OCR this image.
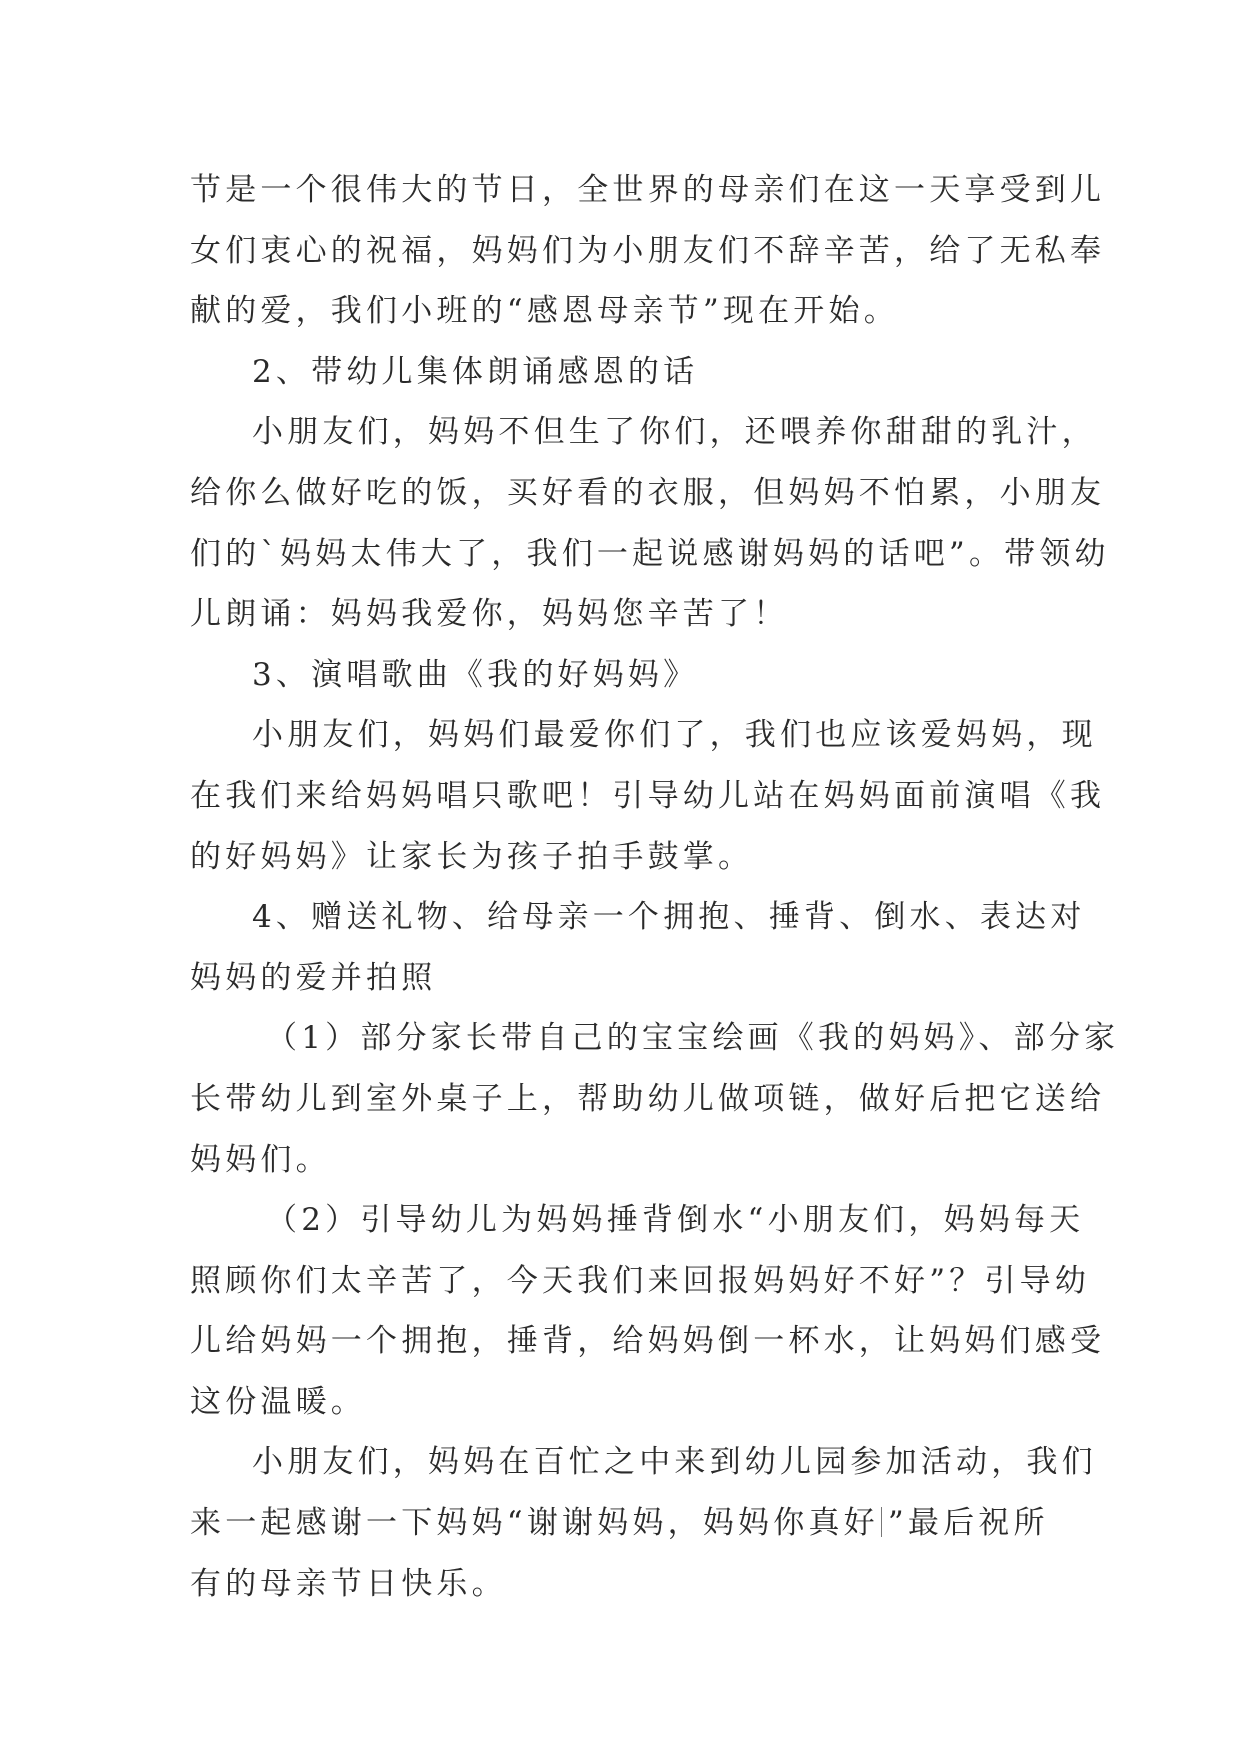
节是一个很伟大的节日，全世界的母亲们在这一天享受到儿
女们衷心的祝福，妈妈们为小朋友们不辞辛苦，给了无私奉
献的爱，我们小班的“感恩母亲节”现在开始。
2、带幼儿集体朗诵感恩的话
小朋友们，妈妈不但生了你们，还喂养你甜甜的乳汁，
给你么做好吃的饭，买好看的衣服，但妈妈不怕累，小朋友
们的`妈妈太伟大了，我们一起说感谢妈妈的话吧”。带领幼
儿朗诵：妈妈我爱你，妈妈您辛苦了！
3、演唱歌曲《我的好妈妈》
小朋友们，妈妈们最爱你们了，我们也应该爱妈妈，现
在我们来给妈妈唱只歌吧！引导幼儿站在妈妈面前演唱《我
的好妈妈》让家长为孩子拍手鼓掌。
4、赠送礼物、给母亲一个拥抱、捶背、倒水、表达对
妈妈的爱并拍照
（1）部分家长带自己的宝宝绘画《我的妈妈》、部分家
长带幼儿到室外桌子上，帮助幼儿做项链，做好后把它送给
妈妈们。
（2）引导幼儿为妈妈捶背倒水“小朋友们，妈妈每天
照顾你们太辛苦了，今天我们来回报妈妈好不好”？引导幼
儿给妈妈一个拥抱，捶背，给妈妈倒一杯水，让妈妈们感受
这份温暖。
小朋友们，妈妈在百忙之中来到幼儿园参加活动，我们
来一起感谢一下妈妈“谢谢妈妈，妈妈你真好 ”最后祝所
有的母亲节日快乐。
